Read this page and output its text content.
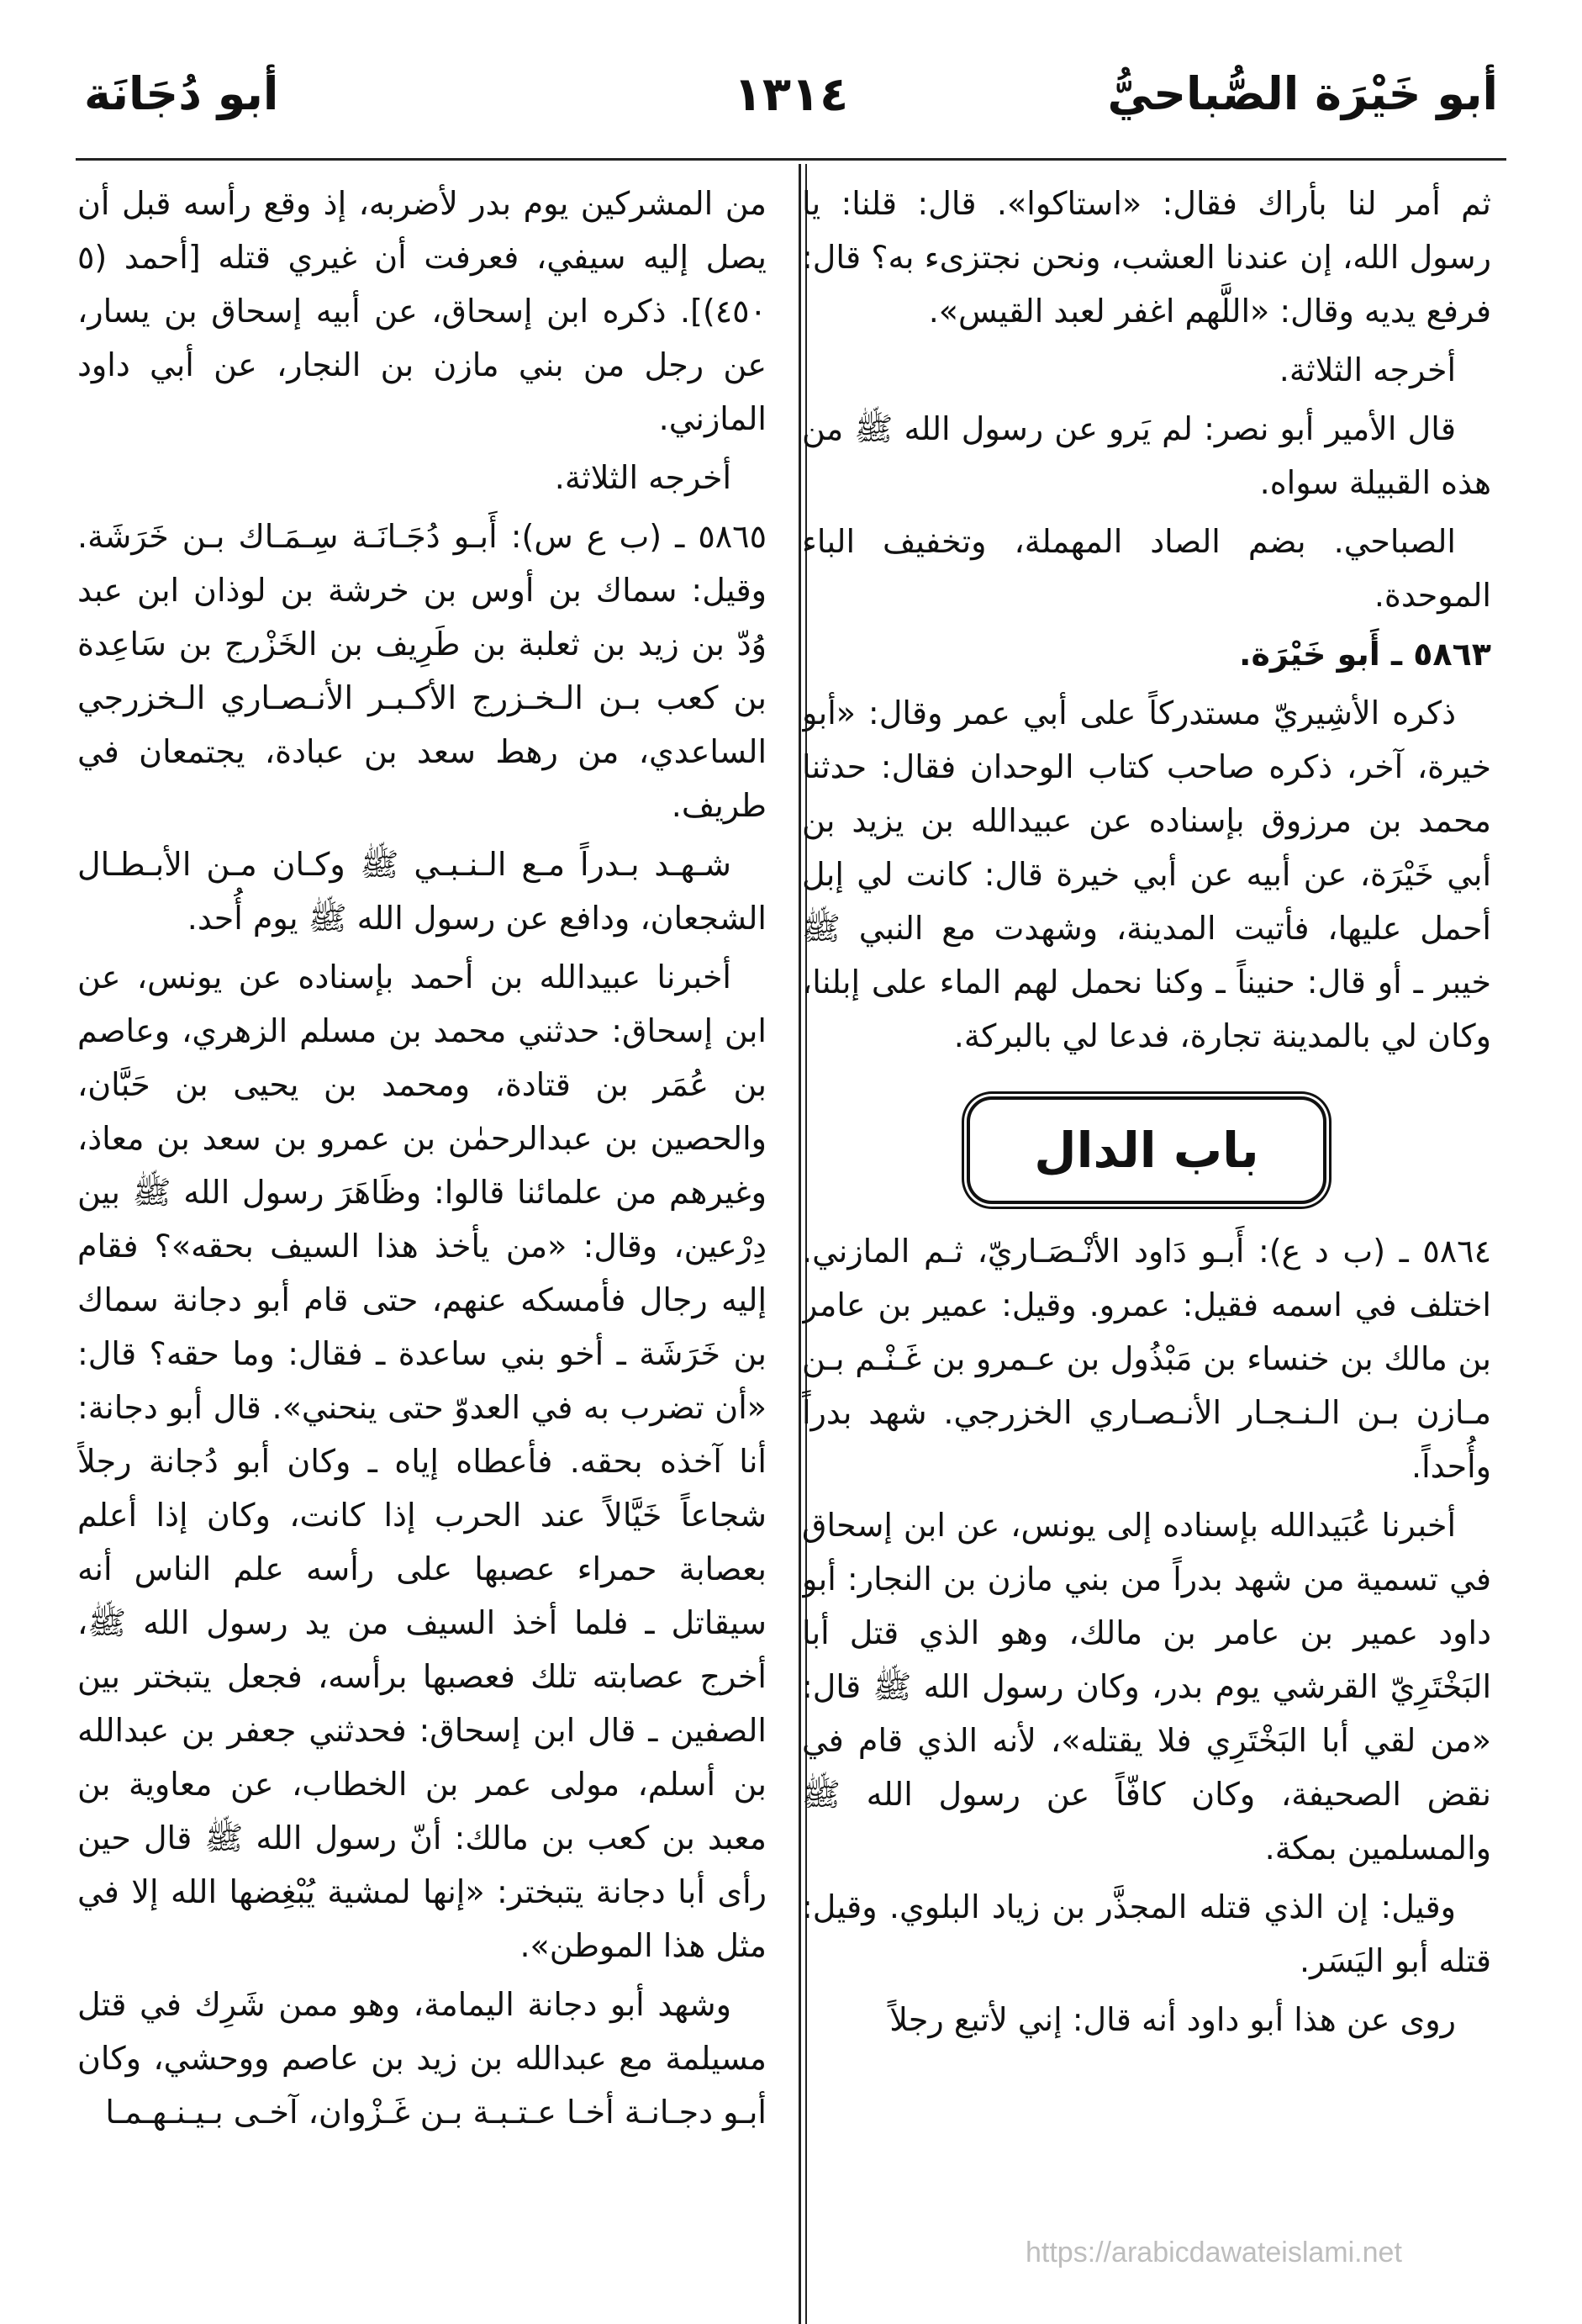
أبو خَيْرَة الصُّباحيُّ
١٣١٤
أبو دُجَانَة

ثم أمر لنا بأراك فقال: «استاكوا». قال: قلنا: يا رسول الله، إن عندنا العشب، ونحن نجتزىء به؟ قال: فرفع يديه وقال: «اللَّهم اغفر لعبد القيس».

أخرجه الثلاثة.

قال الأمير أبو نصر: لم يَرو عن رسول الله ﷺ من هذه القبيلة سواه.

الصباحي. بضم الصاد المهملة، وتخفيف الباء الموحدة.

٥٨٦٣ ـ أَبو خَيْرَة.

ذكره الأشِيريّ مستدركاً على أبي عمر وقال: «أبو خيرة، آخر، ذكره صاحب كتاب الوحدان فقال: حدثنا محمد بن مرزوق بإسناده عن عبيدالله بن يزيد بن أبي خَيْرَة، عن أبيه عن أبي خيرة قال: كانت لي إبل أحمل عليها، فأتيت المدينة، وشهدت مع النبي ﷺ خيبر ـ أو قال: حنيناً ـ وكنا نحمل لهم الماء على إبلنا، وكان لي بالمدينة تجارة، فدعا لي بالبركة.

باب الدال

٥٨٦٤ ـ (ب د ع): أَبـو دَاود الأنْـصَـاريّ، ثـم المازني. اختلف في اسمه فقيل: عمرو. وقيل: عمير بن عامر بن مالك بن خنساء بن مَبْذُول بن عـمرو بن غَـنْـم بـن مـازن بـن الـنـجـار الأنـصـاري الخزرجي. شهد بدراً وأُحداً.

أخبرنا عُبَيدالله بإسناده إلى يونس، عن ابن إسحاق في تسمية من شهد بدراً من بني مازن بن النجار: أبو داود عمير بن عامر بن مالك، وهو الذي قتل أبا البَخْتَرِيّ القرشي يوم بدر، وكان رسول الله ﷺ قال: «من لقي أبا البَخْتَرِي فلا يقتله»، لأنه الذي قام في نقض الصحيفة، وكان كافّاً عن رسول الله ﷺ والمسلمين بمكة.

وقيل: إن الذي قتله المجذَّر بن زياد البلوي. وقيل: قتله أبو اليَسَر.

روى عن هذا أبو داود أنه قال: إني لأتبع رجلاً

من المشركين يوم بدر لأضربه، إذ وقع رأسه قبل أن يصل إليه سيفي، فعرفت أن غيري قتله [أحمد (٥ ٤٥٠)]. ذكره ابن إسحاق، عن أبيه إسحاق بن يسار، عن رجل من بني مازن بن النجار، عن أبي داود المازني.

أخرجه الثلاثة.

٥٨٦٥ ـ (ب ع س): أَبـو دُجَـانَـة سِـمَـاك بـن خَرَشَة. وقيل: سماك بن أوس بن خرشة بن لوذان ابن عبد وُدّ بن زيد بن ثعلبة بن طَرِيف بن الخَزْرج بن سَاعِدة بن كعب بـن الـخـزرج الأكـبـر الأنـصـاري الـخزرجي الساعدي، من رهط سعد بن عبادة، يجتمعان في طريف.

شـهـد بـدراً مـع الـنـبـي ﷺ وكـان مـن الأبـطـال الشجعان، ودافع عن رسول الله ﷺ يوم أُحد.

أخبرنا عبيدالله بن أحمد بإسناده عن يونس، عن ابن إسحاق: حدثني محمد بن مسلم الزهري، وعاصم بن عُمَر بن قتادة، ومحمد بن يحيى بن حَبَّان، والحصين بن عبدالرحمٰن بن عمرو بن سعد بن معاذ، وغيرهم من علمائنا قالوا: وظَاهَرَ رسول الله ﷺ بين دِرْعين، وقال: «من يأخذ هذا السيف بحقه»؟ فقام إليه رجال فأمسكه عنهم، حتى قام أبو دجانة سماك بن خَرَشَة ـ أخو بني ساعدة ـ فقال: وما حقه؟ قال: «أن تضرب به في العدوّ حتى ينحني». قال أبو دجانة: أنا آخذه بحقه. فأعطاه إياه ـ وكان أبو دُجانة رجلاً شجاعاً خَيَّالاً عند الحرب إذا كانت، وكان إذا أعلم بعصابة حمراء عصبها على رأسه علم الناس أنه سيقاتل ـ فلما أخذ السيف من يد رسول الله ﷺ، أخرج عصابته تلك فعصبها برأسه، فجعل يتبختر بين الصفين ـ قال ابن إسحاق: فحدثني جعفر بن عبدالله بن أسلم، مولى عمر بن الخطاب، عن معاوية بن معبد بن كعب بن مالك: أنّ رسول الله ﷺ قال حين رأى أبا دجانة يتبختر: «إنها لمشية يُبْغِضها الله إلا في مثل هذا الموطن».

وشهد أبو دجانة اليمامة، وهو ممن شَرِك في قتل مسيلمة مع عبدالله بن زيد بن عاصم ووحشي، وكان أبـو دجـانـة أخـا عـتـبـة بـن غَـزْوان، آخـى بـيـنـهـمـا

https://arabicdawateislami.net
